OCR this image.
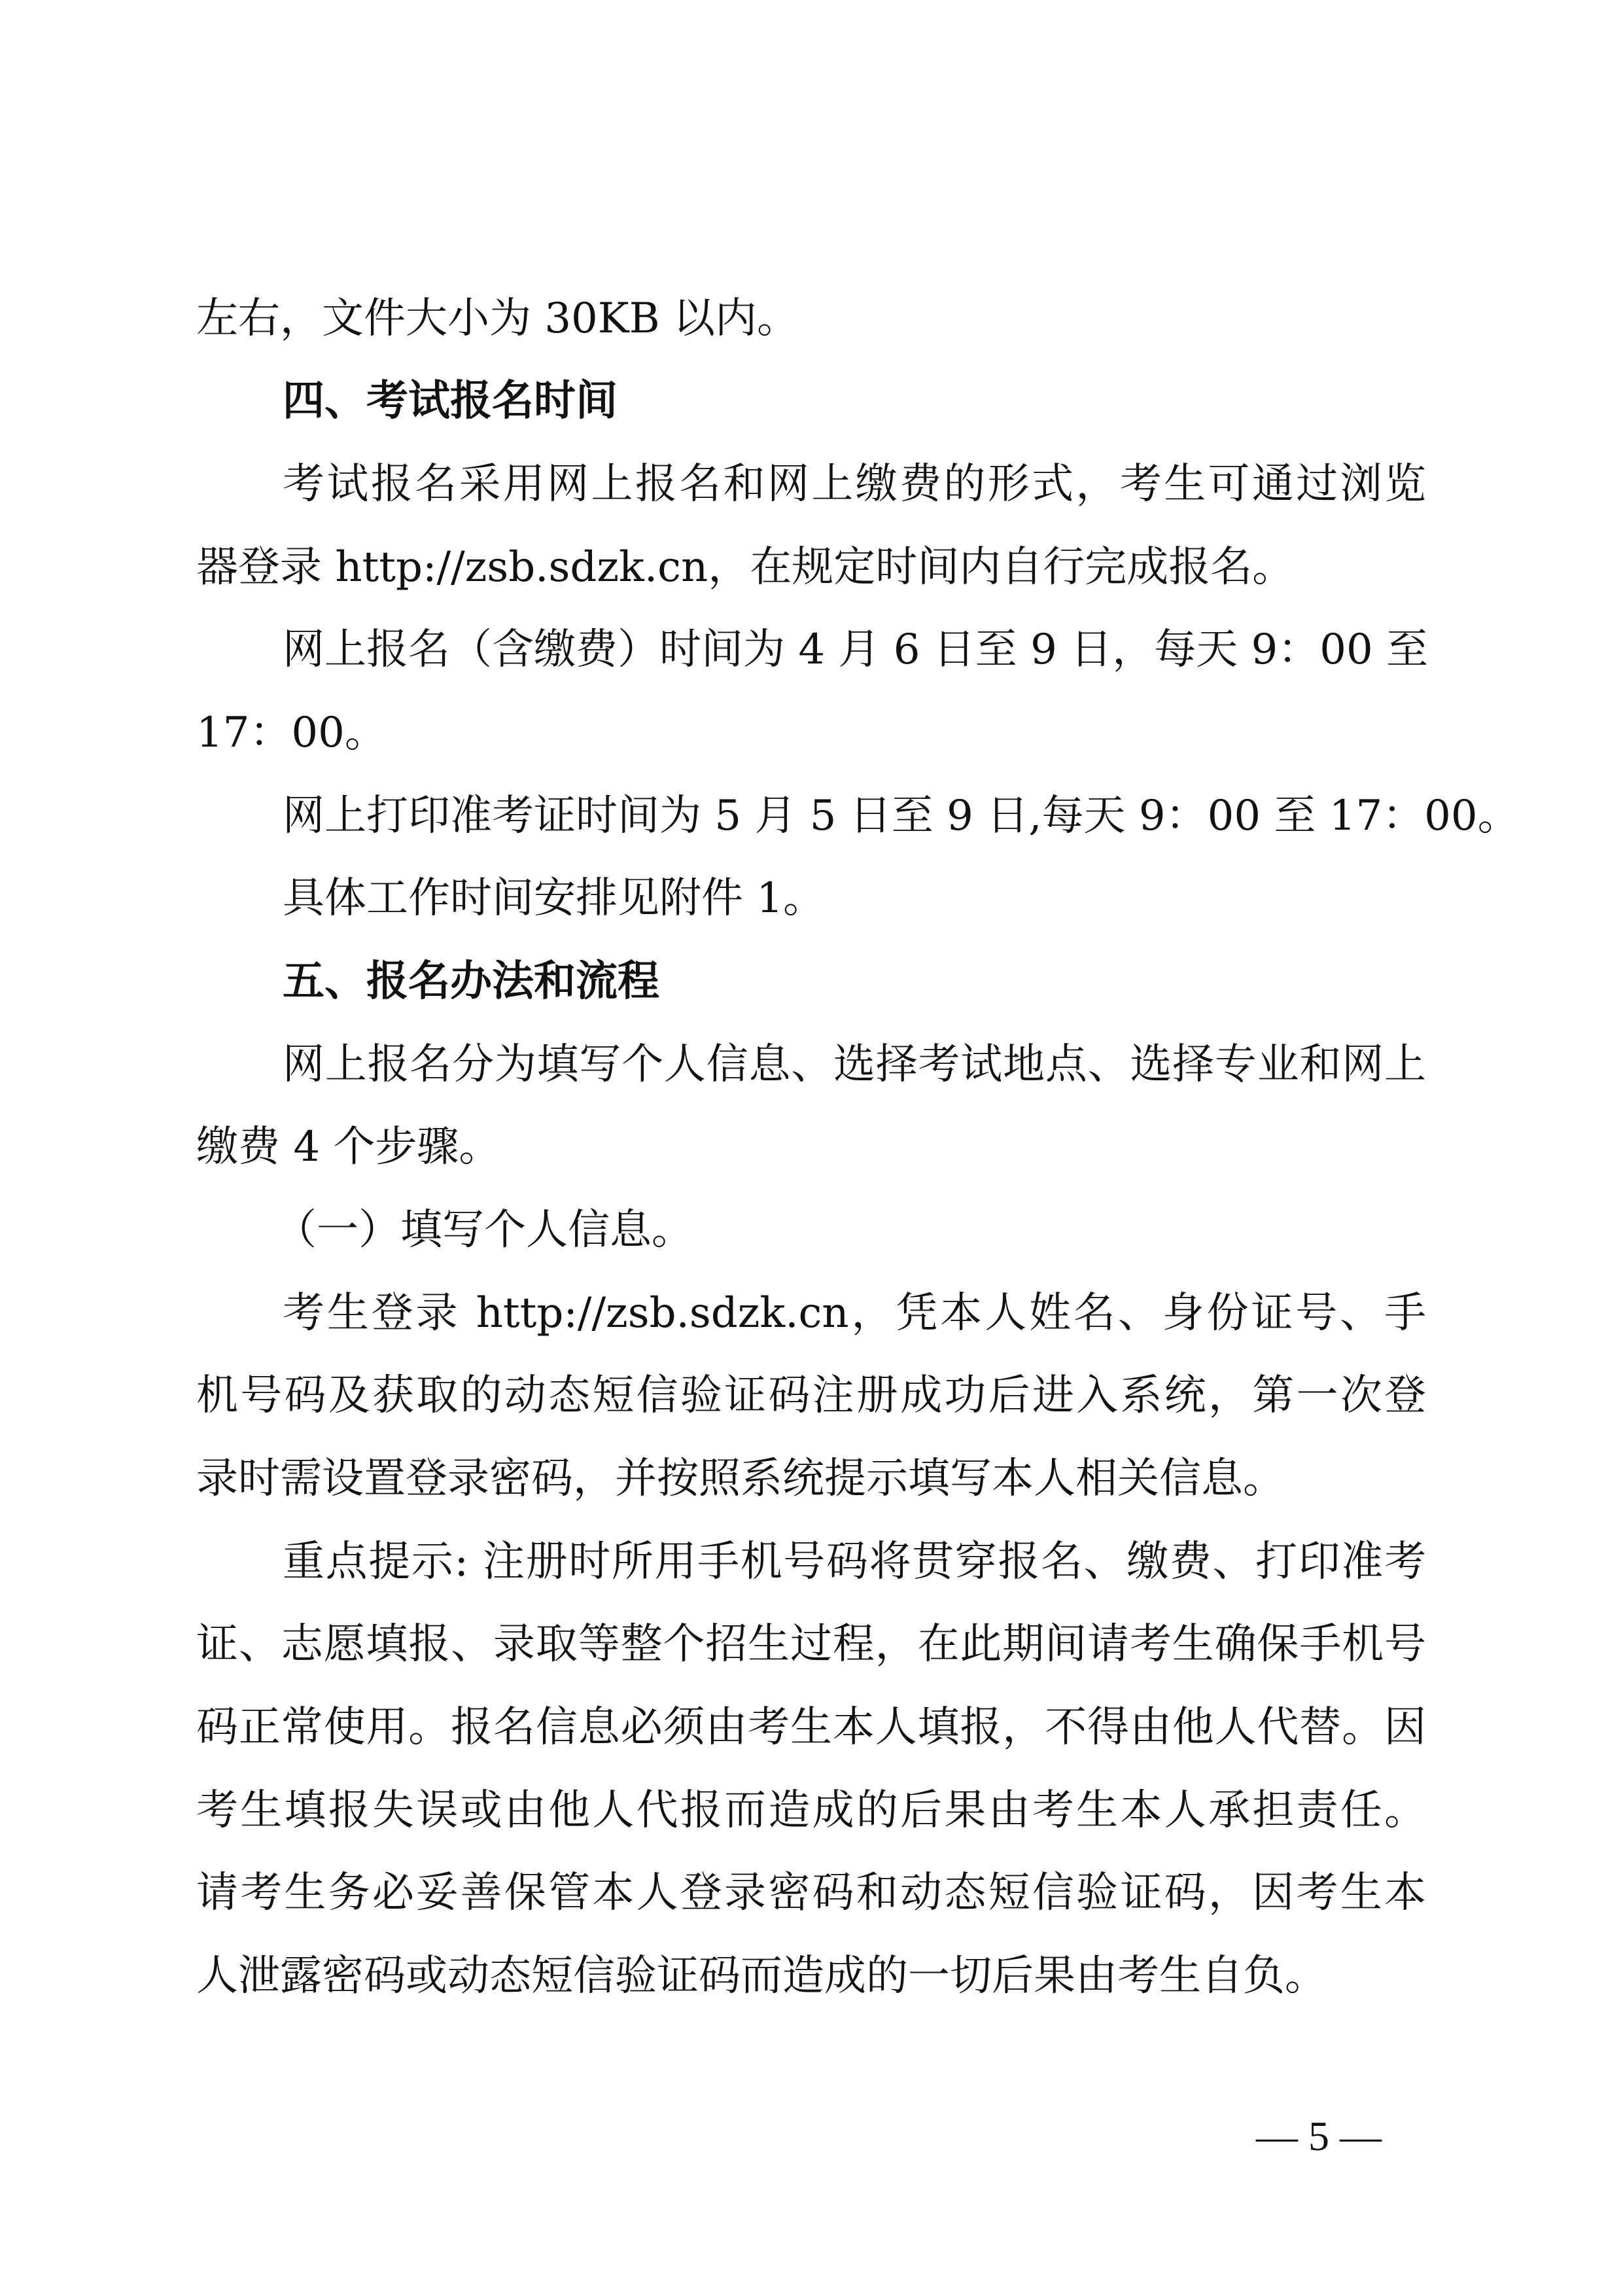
左右，文件大小为 30KB 以内。
四、考试报名时间
考试报名采用网上报名和网上缴费的形式，考生可通过浏览
器登录 http://zsb.sdzk.cn，在规定时间内自行完成报名。
网上报名（含缴费）时间为 4 月 6 日至 9 日，每天 9：00 至
17：00。
网上打印准考证时间为 5 月 5 日至 9 日,每天 9：00 至 17：00。
具体工作时间安排见附件 1。
五、报名办法和流程
网上报名分为填写个人信息、选择考试地点、选择专业和网上
缴费 4 个步骤。
（一）填写个人信息。
考生登录 http://zsb.sdzk.cn，凭本人姓名、身份证号、手
机号码及获取的动态短信验证码注册成功后进入系统，第一次登
录时需设置登录密码，并按照系统提示填写本人相关信息。
重点提示: 注册时所用手机号码将贯穿报名、缴费、打印准考
证、志愿填报、录取等整个招生过程，在此期间请考生确保手机号
码正常使用。报名信息必须由考生本人填报，不得由他人代替。因
考生填报失误或由他人代报而造成的后果由考生本人承担责任。
请考生务必妥善保管本人登录密码和动态短信验证码，因考生本
人泄露密码或动态短信验证码而造成的一切后果由考生自负。
— 5 —
